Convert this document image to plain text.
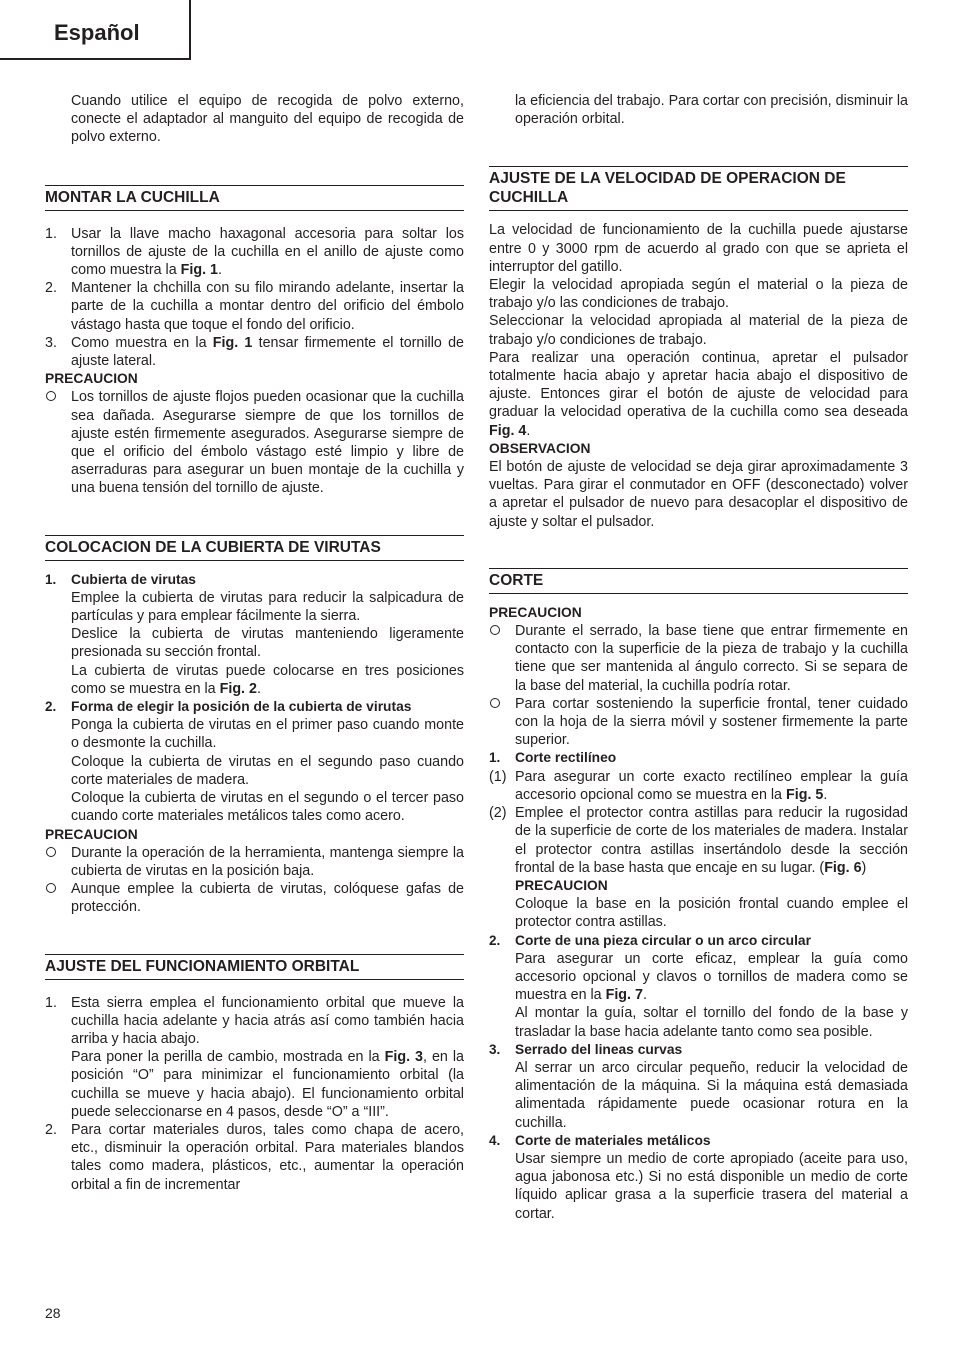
Español

Cuando utilice el equipo de recogida de polvo externo, conecte el adaptador al manguito del equipo de recogida de polvo externo.

MONTAR LA CUCHILLA
1. Usar la llave macho haxagonal accesoria para soltar los tornillos de ajuste de la cuchilla en el anillo de ajuste como como muestra la Fig. 1.
2. Mantener la chchilla con su filo mirando adelante, insertar la parte de la cuchilla a montar dentro del orificio del émbolo vástago hasta que toque el fondo del orificio.
3. Como muestra en la Fig. 1 tensar firmemente el tornillo de ajuste lateral.
PRECAUCION
Los tornillos de ajuste flojos pueden ocasionar que la cuchilla sea dañada. Asegurarse siempre de que los tornillos de ajuste estén firmemente asegurados. Asegurarse siempre de que el orificio del émbolo vástago esté limpio y libre de aserraduras para asegurar un buen montaje de la cuchilla y una buena tensión del tornillo de ajuste.
COLOCACION DE LA CUBIERTA DE VIRUTAS
1. Cubierta de virutas

Emplee la cubierta de virutas para reducir la salpicadura de partículas y para emplear fácilmente la sierra.

Deslice la cubierta de virutas manteniendo ligeramente presionada su sección frontal.

La cubierta de virutas puede colocarse en tres posiciones como se muestra en la Fig. 2.

2. Forma de elegir la posición de la cubierta de virutas

Ponga la cubierta de virutas en el primer paso cuando monte o desmonte la cuchilla.

Coloque la cubierta de virutas en el segundo paso cuando corte materiales de madera.

Coloque la cubierta de virutas en el segundo o el tercer paso cuando corte materiales metálicos tales como acero.

PRECAUCION
Durante la operación de la herramienta, mantenga siempre la cubierta de virutas en la posición baja.
Aunque emplee la cubierta de virutas, colóquese gafas de protección.
AJUSTE DEL FUNCIONAMIENTO ORBITAL
1. Esta sierra emplea el funcionamiento orbital que mueve la cuchilla hacia adelante y hacia atrás así como también hacia arriba y hacia abajo.

Para poner la perilla de cambio, mostrada en la Fig. 3, en la posición “O” para minimizar el funcionamiento orbital (la cuchilla se mueve y hacia abajo). El funcionamiento orbital puede seleccionarse en 4 pasos, desde “O” a “III”.

2. Para cortar materiales duros, tales como chapa de acero, etc., disminuir la operación orbital. Para materiales blandos tales como madera, plásticos, etc., aumentar la operación orbital a fin de incrementar

la eficiencia del trabajo. Para cortar con precisión, disminuir la operación orbital.

AJUSTE DE LA VELOCIDAD DE OPERACION DE CUCHILLA

La velocidad de funcionamiento de la cuchilla puede ajustarse entre 0 y 3000 rpm de acuerdo al grado con que se aprieta el interruptor del gatillo.

Elegir la velocidad apropiada según el material o la pieza de trabajo y/o las condiciones de trabajo.

Seleccionar la velocidad apropiada al material de la pieza de trabajo y/o condiciones de trabajo.

Para realizar una operación continua, apretar el pulsador totalmente hacia abajo y apretar hacia abajo el dispositivo de ajuste. Entonces girar el botón de ajuste de velocidad para graduar la velocidad operativa de la cuchilla como sea deseada Fig. 4.

OBSERVACION

El botón de ajuste de velocidad se deja girar aproximadamente 3 vueltas. Para girar el conmutador en OFF (desconectado) volver a apretar el pulsador de nuevo para desacoplar el dispositivo de ajuste y soltar el pulsador.

CORTE
PRECAUCION
Durante el serrado, la base tiene que entrar firmemente en contacto con la superficie de la pieza de trabajo y la cuchilla tiene que ser mantenida al ángulo correcto. Si se separa de la base del material, la cuchilla podría rotar.
Para cortar sosteniendo la superficie frontal, tener cuidado con la hoja de la sierra móvil y sostener firmemente la parte superior.
1. Corte rectilíneo
(1) Para asegurar un corte exacto rectilíneo emplear la guía accesorio opcional como se muestra en la Fig. 5.
(2) Emplee el protector contra astillas para reducir la rugosidad de la superficie de corte de los materiales de madera. Instalar el protector contra astillas insertándolo desde la sección frontal de la base hasta que encaje en su lugar. (Fig. 6)

PRECAUCION

Coloque la base en la posición frontal cuando emplee el protector contra astillas.

2. Corte de una pieza circular o un arco circular

Para asegurar un corte eficaz, emplear la guía como accesorio opcional y clavos o tornillos de madera como se muestra en la Fig. 7.

Al montar la guía, soltar el tornillo del fondo de la base y trasladar la base hacia adelante tanto como sea posible.

3. Serrado del lineas curvas

Al serrar un arco circular pequeño, reducir la velocidad de alimentación de la máquina. Si la máquina está demasiada alimentada rápidamente puede ocasionar rotura en la cuchilla.

4. Corte de materiales metálicos

Usar siempre un medio de corte apropiado (aceite para uso, agua jabonosa etc.) Si no está disponible un medio de corte líquido aplicar grasa a la superficie trasera del material a cortar.

28
